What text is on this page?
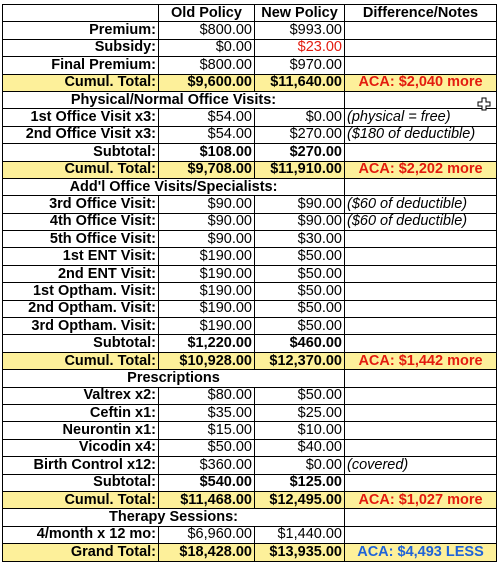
	Old Policy	New Policy	Difference/Notes
Premium:	$800.00	$993.00	
Subsidy:	$0.00	$23.00	
Final Premium:	$800.00	$970.00	
Cumul. Total:	$9,600.00	$11,640.00	ACA: $2,040 more
Physical/Normal Office Visits:			
1st Office Visit x3:	$54.00	$0.00	(physical = free)
2nd Office Visit x3:	$54.00	$270.00	($180 of deductible)
Subtotal:	$108.00	$270.00	
Cumul. Total:	$9,708.00	$11,910.00	ACA: $2,202 more
Add'l Office Visits/Specialists:			
3rd Office Visit:	$90.00	$90.00	($60 of deductible)
4th Office Visit:	$90.00	$90.00	($60 of deductible)
5th Office Visit:	$90.00	$30.00	
1st ENT Visit:	$190.00	$50.00	
2nd ENT Visit:	$190.00	$50.00	
1st Optham. Visit:	$190.00	$50.00	
2nd Optham. Visit:	$190.00	$50.00	
3rd Optham. Visit:	$190.00	$50.00	
Subtotal:	$1,220.00	$460.00	
Cumul. Total:	$10,928.00	$12,370.00	ACA: $1,442 more
Prescriptions			
Valtrex x2:	$80.00	$50.00	
Ceftin x1:	$35.00	$25.00	
Neurontin x1:	$15.00	$10.00	
Vicodin x4:	$50.00	$40.00	
Birth Control x12:	$360.00	$0.00	(covered)
Subtotal:	$540.00	$125.00	
Cumul. Total:	$11,468.00	$12,495.00	ACA: $1,027 more
Therapy Sessions:			
4/month x 12 mo:	$6,960.00	$1,440.00	
Grand Total:	$18,428.00	$13,935.00	ACA: $4,493 LESS
